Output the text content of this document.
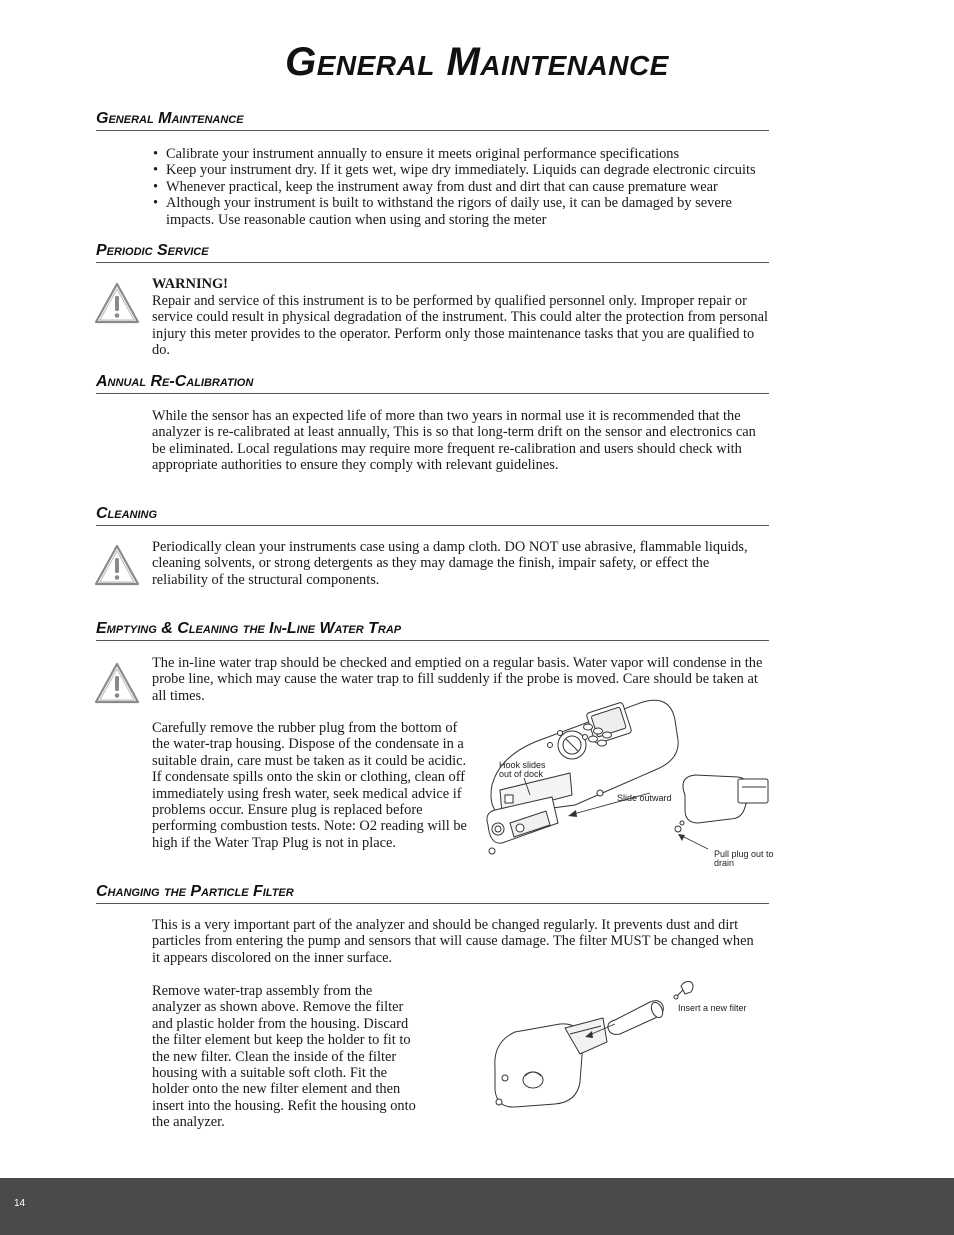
General Maintenance
General Maintenance
• Calibrate your instrument annually to ensure it meets original performance specifications
• Keep your instrument dry. If it gets wet, wipe dry immediately. Liquids can degrade electronic circuits
• Whenever practical, keep the instrument away from dust and dirt that can cause premature wear
• Although your instrument is built to withstand the rigors of daily use, it can be damaged by severe impacts. Use reasonable caution when using and storing the meter
Periodic Service
WARNING!
Repair and service of this instrument is to be performed by qualified personnel only. Improper repair or service could result in physical degradation of the instrument. This could alter the protection from personal injury this meter provides to the operator. Perform only those maintenance tasks that you are qualified to do.
Annual Re-Calibration
While the sensor has an expected life of more than two years in normal use it is recommended that the analyzer is re-calibrated at least annually, This is so that long-term drift on the sensor and electronics can be eliminated. Local regulations may require more frequent re-calibration and users should check with appropriate authorities to ensure they comply with relevant guidelines.
Cleaning
Periodically clean your instruments case using a damp cloth. DO NOT use abrasive, flammable liquids, cleaning solvents, or strong detergents as they may damage the finish, impair safety, or effect the reliability of the structural components.
Emptying & Cleaning the In-Line Water Trap
The in-line water trap should be checked and emptied on a regular basis. Water vapor will condense in the probe line, which may cause the water trap to fill suddenly if the probe is moved. Care should be taken at all times.
Carefully remove the rubber plug from the bottom of the water-trap housing. Dispose of the condensate in a suitable drain, care must be taken as it could be acidic. If condensate spills onto the skin or clothing, clean off immediately using fresh water, seek medical advice if problems occur. Ensure plug is replaced before performing combustion tests. Note: O2 reading will be high if the Water Trap Plug is not in place.
Hook slides out of dock
Slide outward
Pull plug out to drain
Changing the Particle Filter
This is a very important part of the analyzer and should be changed regularly. It prevents dust and dirt particles from entering the pump and sensors that will cause damage. The filter MUST be changed when it appears discolored on the inner surface.
Remove water-trap assembly from the analyzer as shown above. Remove the filter and plastic holder from the housing. Discard the filter element but keep the holder to fit to the new filter. Clean the inside of the filter housing with a suitable soft cloth. Fit the holder onto the new filter element and then insert into the housing. Refit the housing onto the analyzer.
Insert a new filter
14
